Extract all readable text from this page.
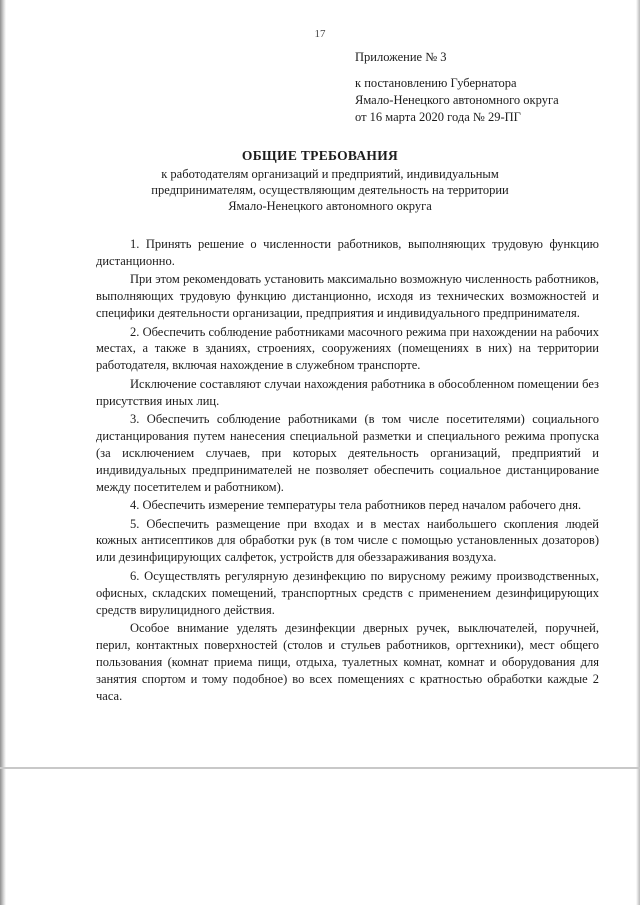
17
Приложение № 3
к постановлению Губернатора
Ямало-Ненецкого автономного округа
от 16 марта 2020 года № 29-ПГ
ОБЩИЕ ТРЕБОВАНИЯ
к работодателям организаций и предприятий, индивидуальным
предпринимателям, осуществляющим деятельность на территории
Ямало-Ненецкого автономного округа

1. Принять решение о численности работников, выполняющих трудовую функцию дистанционно.

При этом рекомендовать установить максимально возможную численность работников, выполняющих трудовую функцию дистанционно, исходя из технических возможностей и специфики деятельности организации, предприятия и индивидуального предпринимателя.

2. Обеспечить соблюдение работниками масочного режима при нахождении на рабочих местах, а также в зданиях, строениях, сооружениях (помещениях в них) на территории работодателя, включая нахождение в служебном транспорте.

Исключение составляют случаи нахождения работника в обособленном помещении без присутствия иных лиц.

3. Обеспечить соблюдение работниками (в том числе посетителями) социального дистанцирования путем нанесения специальной разметки и специального режима пропуска (за исключением случаев, при которых деятельность организаций, предприятий и индивидуальных предпринимателей не позволяет обеспечить социальное дистанцирование между посетителем и работником).

4. Обеспечить измерение температуры тела работников перед началом рабочего дня.

5. Обеспечить размещение при входах и в местах наибольшего скопления людей кожных антисептиков для обработки рук (в том числе с помощью установленных дозаторов) или дезинфицирующих салфеток, устройств для обеззараживания воздуха.

6. Осуществлять регулярную дезинфекцию по вирусному режиму производственных, офисных, складских помещений, транспортных средств с применением дезинфицирующих средств вирулицидного действия.

Особое внимание уделять дезинфекции дверных ручек, выключателей, поручней, перил, контактных поверхностей (столов и стульев работников, оргтехники), мест общего пользования (комнат приема пищи, отдыха, туалетных комнат, комнат и оборудования для занятия спортом и тому подобное) во всех помещениях с кратностью обработки каждые 2 часа.
